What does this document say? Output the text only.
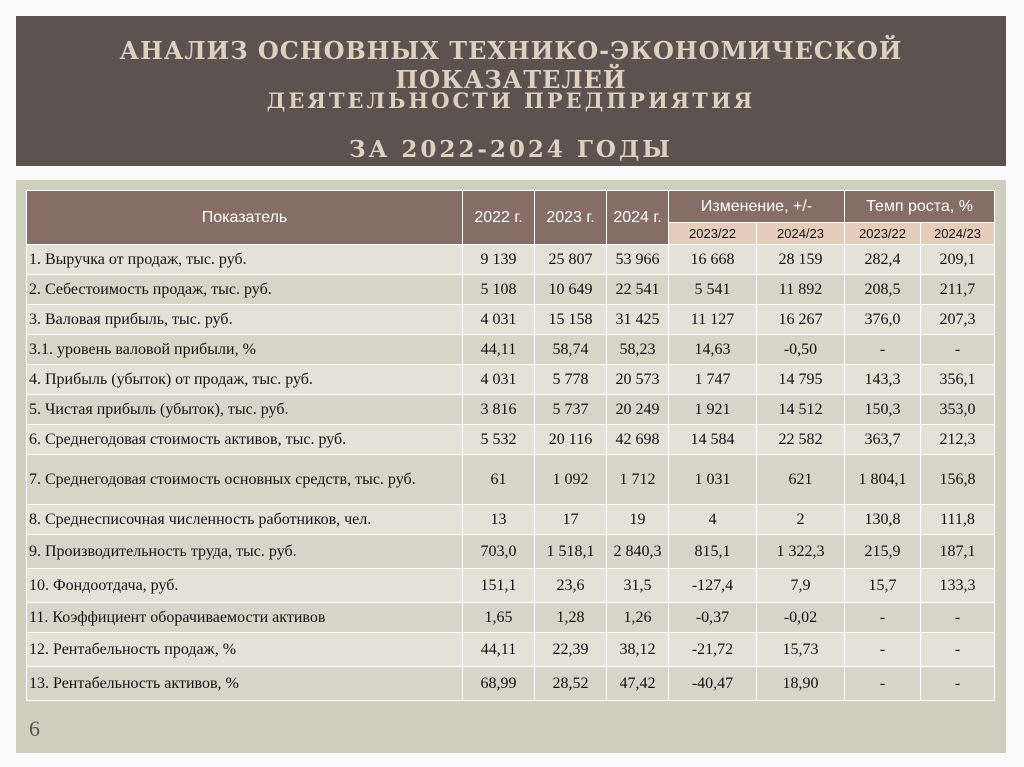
АНАЛИЗ ОСНОВНЫХ ТЕХНИКО-ЭКОНОМИЧЕСКОЙ ПОКАЗАТЕЛЕЙ
ДЕЯТЕЛЬНОСТИ ПРЕДПРИЯТИЯ
ЗА 2022-2024 ГОДЫ
Показатель	2022 г.	2023 г.	2024 г.	Изменение, +/-		Темп роста, %	
				2023/22	2024/23	2023/22	2024/23
1. Выручка от продаж, тыс. руб.	9 139	25 807	53 966	16 668	28 159	282,4	209,1
2. Себестоимость продаж, тыс. руб.	5 108	10 649	22 541	5 541	11 892	208,5	211,7
3. Валовая прибыль, тыс. руб.	4 031	15 158	31 425	11 127	16 267	376,0	207,3
3.1. уровень валовой прибыли, %	44,11	58,74	58,23	14,63	-0,50	-	-
4. Прибыль (убыток) от продаж, тыс. руб.	4 031	5 778	20 573	1 747	14 795	143,3	356,1
5. Чистая прибыль (убыток), тыс. руб.	3 816	5 737	20 249	1 921	14 512	150,3	353,0
6. Среднегодовая стоимость активов, тыс. руб.	5 532	20 116	42 698	14 584	22 582	363,7	212,3
7. Среднегодовая стоимость основных средств, тыс. руб.	61	1 092	1 712	1 031	621	1 804,1	156,8
8. Среднесписочная численность работников, чел.	13	17	19	4	2	130,8	111,8
9. Производительность труда, тыс. руб.	703,0	1 518,1	2 840,3	815,1	1 322,3	215,9	187,1
10. Фондоотдача, руб.	151,1	23,6	31,5	-127,4	7,9	15,7	133,3
11. Коэффициент оборачиваемости активов	1,65	1,28	1,26	-0,37	-0,02	-	-
12. Рентабельность продаж, %	44,11	22,39	38,12	-21,72	15,73	-	-
13. Рентабельность активов, %	68,99	28,52	47,42	-40,47	18,90	-	-
6
